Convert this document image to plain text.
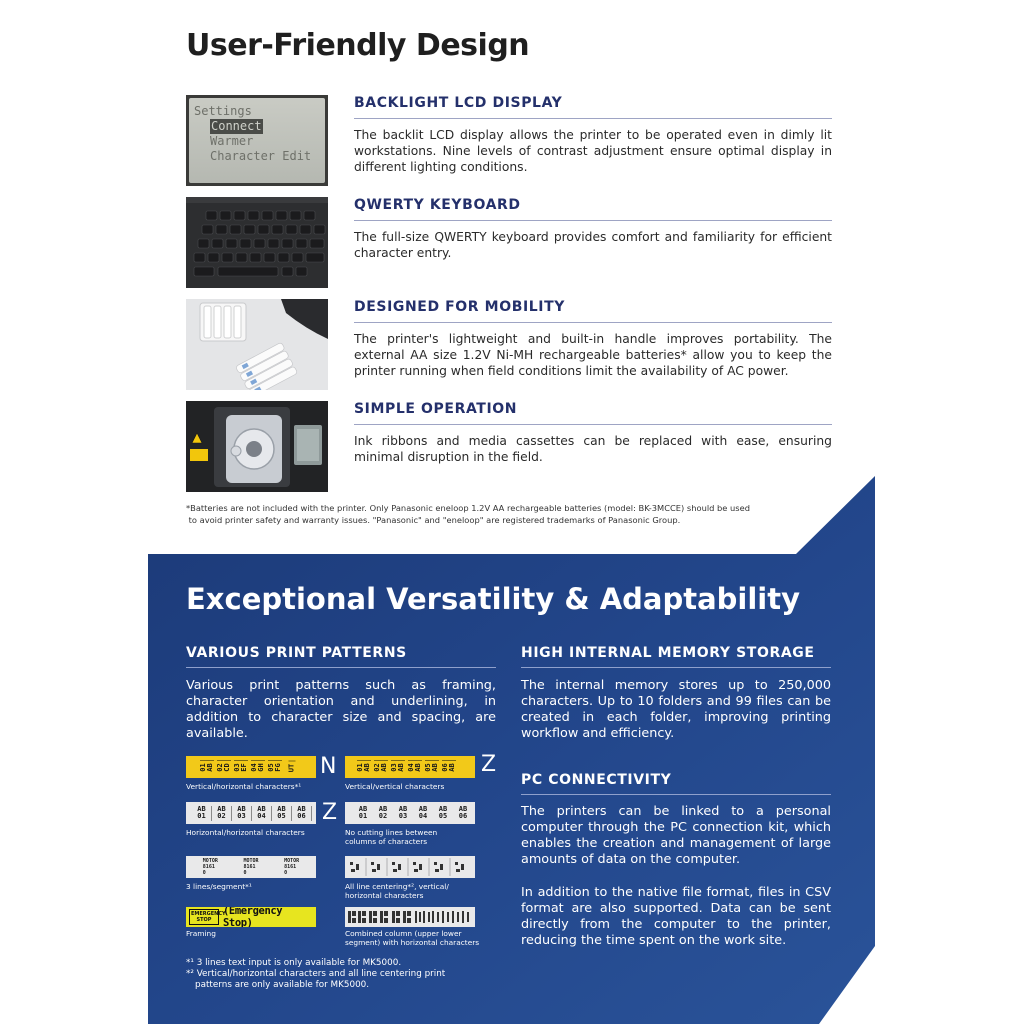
User-Friendly Design
Settings
Connect
Warmer
Character Edit
BACKLIGHT LCD DISPLAY
The backlit LCD display allows the printer to be operated even in dimly lit workstations. Nine levels of contrast adjustment ensure optimal display in different lighting conditions.
QWERTY KEYBOARD
The full-size QWERTY keyboard provides comfort and familiarity for efficient character entry.
DESIGNED FOR MOBILITY
The printer's lightweight and built-in handle improves portability. The external AA size 1.2V Ni-MH rechargeable batteries* allow you to keep the printer running when field conditions limit the availability of AC power.
SIMPLE OPERATION
Ink ribbons and media cassettes can be replaced with ease, ensuring minimal disruption in the field.
*Batteries are not included with the printer. Only Panasonic eneloop 1.2V AA rechargeable batteries (model: BK-3MCCE) should be used
to avoid printer safety and warranty issues. "Panasonic" and "eneloop" are registered trademarks of Panasonic Group.
Exceptional Versatility & Adaptability
VARIOUS PRINT PATTERNS
Various print patterns such as framing, character orientation and underlining, in addition to character size and spacing, are available.
HIGH INTERNAL MEMORY STORAGE
The internal memory stores up to 250,000 characters. Up to 10 folders and 99 files can be created in each folder, improving printing workflow and efficiency.
PC CONNECTIVITY
The printers can be linked to a personal computer through the PC connection kit, which enables the creation and management of large amounts of data on the computer.
In addition to the native file format, files in CSV format are also supported. Data can be sent directly from the computer to the printer, reducing the time spent on the work site.
01
AB 02
CD 03
EF 04
GH 05
FG UT N
Vertical/horizontal characters*¹
01
AB 02
AB 03
AB 04
AB 05
AB 06
AB Z
Vertical/vertical characters
AB
01
AB
02
AB
03
AB
04
AB
05
AB
06 Z
Horizontal/horizontal characters
AB
01
AB
02
AB
03
AB
04
AB
05
AB
06
No cutting lines between
columns of characters
MOTOR
8161
0
MOTOR
8161
0
MOTOR
8161
0
3 lines/segment*¹	All line centering*², vertical/
horizontal characters
EMERGENCY STOP
(Emergency Stop)
Framing	Combined column (upper lower
segment) with horizontal characters
*¹ 3 lines text input is only available for MK5000.
*² Vertical/horizontal characters and all line centering print
patterns are only available for MK5000.
